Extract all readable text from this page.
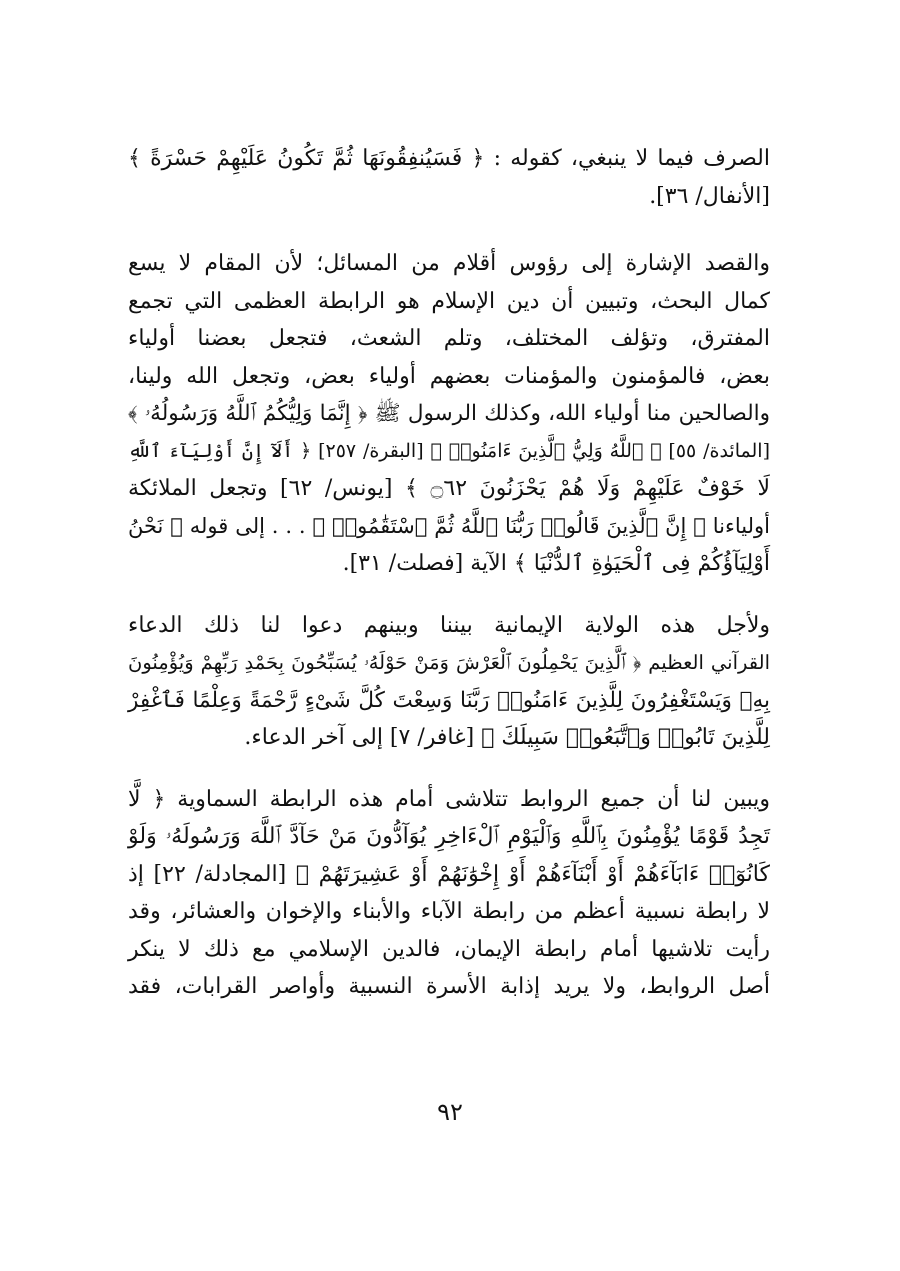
الصرف فيما لا ينبغي، كقوله : ﴿ فَسَيُنفِقُونَهَا ثُمَّ تَكُونُ عَلَيْهِمْ حَسْرَةً ﴾
[الأنفال/ ٣٦].

والقصد الإشارة إلى رؤوس أقلام من المسائل؛ لأن المقام لا يسع
كمال البحث، وتبيين أن دين الإسلام هو الرابطة العظمى التي تجمع
المفترق، وتؤلف المختلف، وتلم الشعث، فتجعل بعضنا أولياء
بعض، فالمؤمنون والمؤمنات بعضهم أولياء بعض، وتجعل الله ولينا،
والصالحين منا أولياء الله، وكذلك الرسول ﷺ ﴿ إِنَّمَا وَلِيُّكُمُ ٱللَّهُ وَرَسُولُهُۥ ﴾
[المائدة/ ٥٥] ﴿ ٱللَّهُ وَلِيُّ ٱلَّذِينَ ءَامَنُوا۟ ﴾ [البقرة/ ٢٥٧] ﴿ أَلَآ إِنَّ أَوْلِيَآءَ ٱللَّهِ
لَا خَوْفٌ عَلَيْهِمْ وَلَا هُمْ يَحْزَنُونَ ۝٦٢ ﴾ [يونس/ ٦٢] وتجعل الملائكة
أولياءنا ﴿ إِنَّ ٱلَّذِينَ قَالُوا۟ رَبُّنَا ٱللَّهُ ثُمَّ ٱسْتَقَٰمُوا۟ ﴾ . . . إلى قوله ﴿ نَحْنُ
أَوْلِيَآؤُكُمْ فِى ٱلْحَيَوٰةِ ٱلدُّنْيَا ﴾ الآية [فصلت/ ٣١].

ولأجل هذه الولاية الإيمانية بيننا وبينهم دعوا لنا ذلك الدعاء
القرآني العظيم ﴿ ٱلَّذِينَ يَحْمِلُونَ ٱلْعَرْشَ وَمَنْ حَوْلَهُۥ يُسَبِّحُونَ بِحَمْدِ رَبِّهِمْ وَيُؤْمِنُونَ
بِهِۦ وَيَسْتَغْفِرُونَ لِلَّذِينَ ءَامَنُوا۟ رَبَّنَا وَسِعْتَ كُلَّ شَىْءٍ رَّحْمَةً وَعِلْمًا فَٱغْفِرْ
لِلَّذِينَ تَابُوا۟ وَٱتَّبَعُوا۟ سَبِيلَكَ ﴾ [غافر/ ٧] إلى آخر الدعاء.

ويبين لنا أن جميع الروابط تتلاشى أمام هذه الرابطة السماوية ﴿ لَّا
تَجِدُ قَوْمًا يُؤْمِنُونَ بِٱللَّهِ وَٱلْيَوْمِ ٱلْءَاخِرِ يُوَآدُّونَ مَنْ حَآدَّ ٱللَّهَ وَرَسُولَهُۥ وَلَوْ
كَانُوٓا۟ ءَابَآءَهُمْ أَوْ أَبْنَآءَهُمْ أَوْ إِخْوَٰنَهُمْ أَوْ عَشِيرَتَهُمْ ﴾ [المجادلة/ ٢٢] إذ
لا رابطة نسبية أعظم من رابطة الآباء والأبناء والإخوان والعشائر، وقد
رأيت تلاشيها أمام رابطة الإيمان، فالدين الإسلامي مع ذلك لا ينكر
أصل الروابط، ولا يريد إذابة الأسرة النسبية وأواصر القرابات، فقد

٩٢
